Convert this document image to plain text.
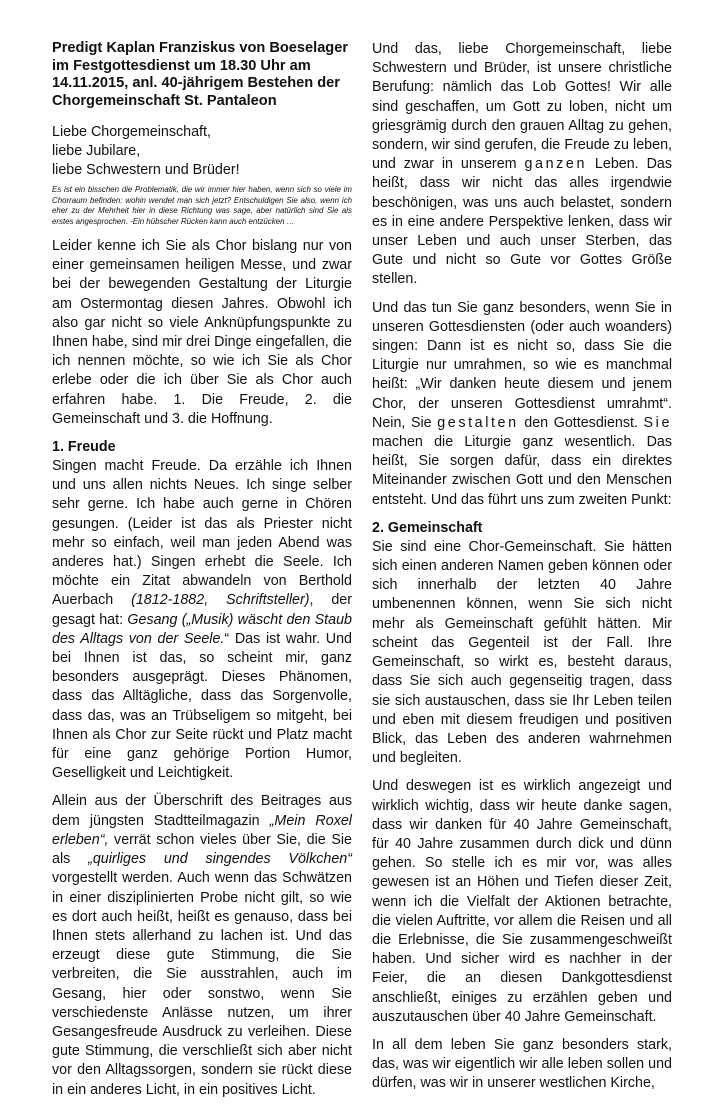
Predigt Kaplan Franziskus von Boeselager im Festgottesdienst um 18.30 Uhr am 14.11.2015, anl. 40-jährigem Bestehen der Chorgemeinschaft St. Pantaleon
Liebe Chorgemeinschaft,
liebe Jubilare,
liebe Schwestern und Brüder!
Es ist ein bisschen die Problematik, die wir immer hier haben, wenn sich so viele im Chorraum befinden: wohin wendet man sich jetzt? Entschuldigen Sie also, wenn ich eher zu der Mehrheit hier in diese Richtung was sage, aber natürlich sind Sie als erstes angesprochen. -Ein hübscher Rücken kann auch entzücken …

Leider kenne ich Sie als Chor bislang nur von einer gemeinsamen heiligen Messe, und zwar bei der bewegenden Gestaltung der Liturgie am Ostermontag diesen Jahres. Obwohl ich also gar nicht so viele Anknüpfungspunkte zu Ihnen habe, sind mir drei Dinge eingefallen, die ich nennen möchte, so wie ich Sie als Chor erlebe oder die ich über Sie als Chor auch erfahren habe. 1. Die Freude, 2. die Gemeinschaft und 3. die Hoffnung.

1. Freude

Singen macht Freude. Da erzähle ich Ihnen und uns allen nichts Neues. Ich singe selber sehr gerne. Ich habe auch gerne in Chören gesungen. (Leider ist das als Priester nicht mehr so einfach, weil man jeden Abend was anderes hat.) Singen erhebt die Seele. Ich möchte ein Zitat abwandeln von Berthold Auerbach (1812-1882, Schriftsteller), der gesagt hat: Gesang („Musik) wäscht den Staub des Alltags von der Seele.“ Das ist wahr. Und bei Ihnen ist das, so scheint mir, ganz besonders ausgeprägt. Dieses Phänomen, dass das Alltägliche, dass das Sorgenvolle, dass das, was an Trübseligem so mitgeht, bei Ihnen als Chor zur Seite rückt und Platz macht für eine ganz gehörige Portion Humor, Geselligkeit und Leichtigkeit.

Allein aus der Überschrift des Beitrages aus dem jüngsten Stadtteilmagazin „Mein Roxel erleben“, verrät schon vieles über Sie, die Sie als „quirliges und singendes Völkchen“ vorgestellt werden. Auch wenn das Schwätzen in einer disziplinierten Probe nicht gilt, so wie es dort auch heißt, heißt es genauso, dass bei Ihnen stets allerhand zu lachen ist. Und das erzeugt diese gute Stimmung, die Sie verbreiten, die Sie ausstrahlen, auch im Gesang, hier oder sonstwo, wenn Sie verschiedenste Anlässe nutzen, um ihrer Gesangesfreude Ausdruck zu verleihen. Diese gute Stimmung, die verschließt sich aber nicht vor den Alltagssorgen, sondern sie rückt diese in ein anderes Licht, in ein positives Licht.

Und das, liebe Chorgemeinschaft, liebe Schwestern und Brüder, ist unsere christliche Berufung: nämlich das Lob Gottes! Wir alle sind geschaffen, um Gott zu loben, nicht um griesgrämig durch den grauen Alltag zu gehen, sondern, wir sind gerufen, die Freude zu leben, und zwar in unserem ganzen Leben. Das heißt, dass wir nicht das alles irgendwie beschönigen, was uns auch belastet, sondern es in eine andere Perspektive lenken, dass wir unser Leben und auch unser Sterben, das Gute und nicht so Gute vor Gottes Größe stellen.

Und das tun Sie ganz besonders, wenn Sie in unseren Gottesdiensten (oder auch woanders) singen: Dann ist es nicht so, dass Sie die Liturgie nur umrahmen, so wie es manchmal heißt: „Wir danken heute diesem und jenem Chor, der unseren Gottesdienst umrahmt“. Nein, Sie gestalten den Gottesdienst. Sie machen die Liturgie ganz wesentlich. Das heißt, Sie sorgen dafür, dass ein direktes Miteinander zwischen Gott und den Menschen entsteht. Und das führt uns zum zweiten Punkt:

2. Gemeinschaft

Sie sind eine Chor-Gemeinschaft. Sie hätten sich einen anderen Namen geben können oder sich innerhalb der letzten 40 Jahre umbenennen können, wenn Sie sich nicht mehr als Gemeinschaft gefühlt hätten. Mir scheint das Gegenteil ist der Fall. Ihre Gemeinschaft, so wirkt es, besteht daraus, dass Sie sich auch gegenseitig tragen, dass sie sich austauschen, dass sie Ihr Leben teilen und eben mit diesem freudigen und positiven Blick, das Leben des anderen wahrnehmen und begleiten.

Und deswegen ist es wirklich angezeigt und wirklich wichtig, dass wir heute danke sagen, dass wir danken für 40 Jahre Gemeinschaft, für 40 Jahre zusammen durch dick und dünn gehen. So stelle ich es mir vor, was alles gewesen ist an Höhen und Tiefen dieser Zeit, wenn ich die Vielfalt der Aktionen betrachte, die vielen Auftritte, vor allem die Reisen und all die Erlebnisse, die Sie zusammengeschweißt haben. Und sicher wird es nachher in der Feier, die an diesen Dankgottesdienst anschließt, einiges zu erzählen geben und auszutauschen über 40 Jahre Gemeinschaft.

In all dem leben Sie ganz besonders stark, das, was wir eigentlich wir alle leben sollen und dürfen, was wir in unserer westlichen Kirche,
